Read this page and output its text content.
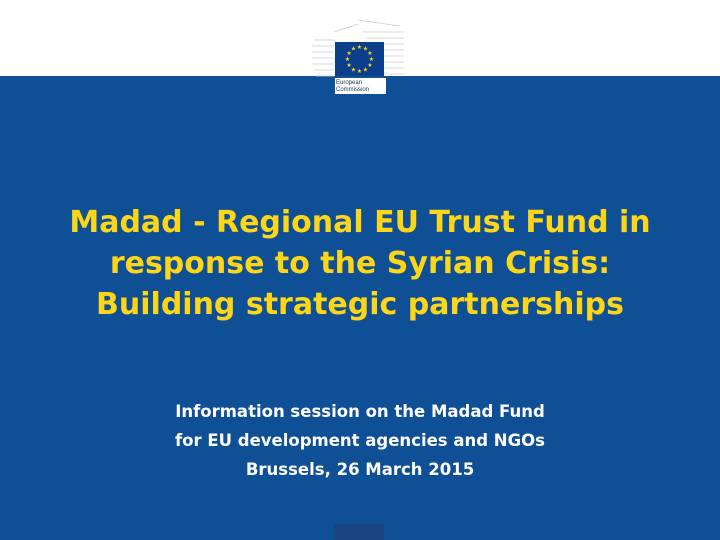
★ ★
★
★
★
★
★
★
★
★
★
★
European
Commission
Madad - Regional EU Trust Fund in
response to the Syrian Crisis:
Building strategic partnerships
Information session on the Madad Fund
for EU development agencies and NGOs
Brussels, 26 March 2015
